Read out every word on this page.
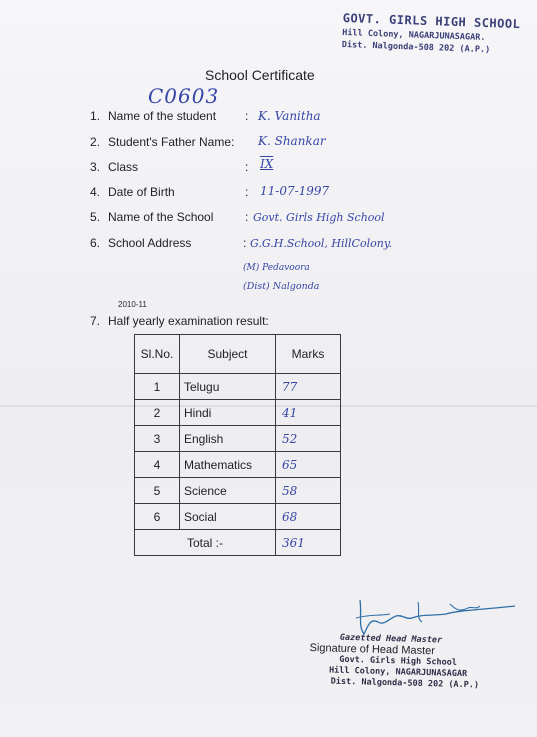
GOVT. GIRLS HIGH SCHOOL
Hill Colony, NAGARJUNASAGAR.
Dist. Nalgonda-508 202 (A.P.)
School Certificate
C0603
1. Name of the student : K. Vanitha
2. Student's Father Name: K. Shankar
3. Class	: IX
4. Date of Birth	: 11-07-1997
5. Name of the School	: Govt. Girls High School
6. School Address	: G.G.H.School, HillColony.
(M) Pedavoora
(Dist) Nalgonda
2010-11
7. Half yearly examination result:
Sl.No.	Subject	Marks
1	Telugu	77
2	Hindi	41
3	English	52
4	Mathematics	65
5	Science	58
6	Social	68
Total :-		361
Gazetted Head Master
Signature of Head Master
Govt. Girls High School
Hill Colony, NAGARJUNASAGAR
Dist. Nalgonda-508 202 (A.P.)
